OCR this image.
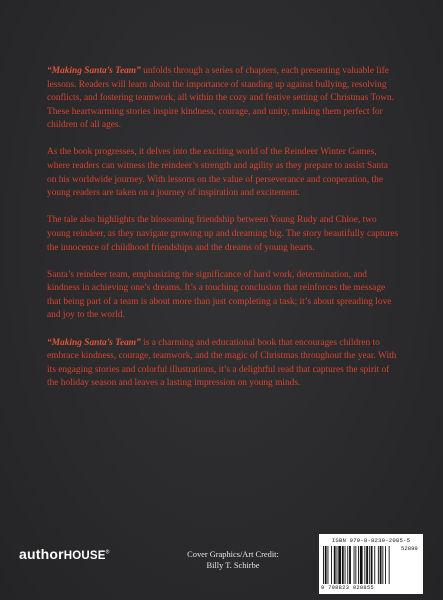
“Making Santa’s Team” unfolds through a series of chapters, each presenting valuable life lessons. Readers will learn about the importance of standing up against bullying, resolving conflicts, and fostering teamwork, all within the cozy and festive setting of Christmas Town. These heartwarming stories inspire kindness, courage, and unity, making them perfect for children of all ages.

As the book progresses, it delves into the exciting world of the Reindeer Winter Games, where readers can witness the reindeer’s strength and agility as they prepare to assist Santa on his worldwide journey. With lessons on the value of perseverance and cooperation, the young readers are taken on a journey of inspiration and excitement.

The tale also highlights the blossoming friendship between Young Rudy and Chloe, two young reindeer, as they navigate growing up and dreaming big. The story beautifully captures the innocence of childhood friendships and the dreams of young hearts.

Santa’s reindeer team, emphasizing the significance of hard work, determination, and kindness in achieving one’s dreams. It’s a touching conclusion that reinforces the message that being part of a team is about more than just completing a task; it’s about spreading love and joy to the world.

“Making Santa’s Team” is a charming and educational book that encourages children to embrace kindness, courage, teamwork, and the magic of Christmas throughout the year. With its engaging stories and colorful illustrations, it’s a delightful read that captures the spirit of the holiday season and leaves a lasting impression on young minds.

authorHOUSE®	Cover Graphics/Art Credit:
Billy T. Schirbe
ISBN 979-8-8230-2085-5
52899
9 798823 020855
